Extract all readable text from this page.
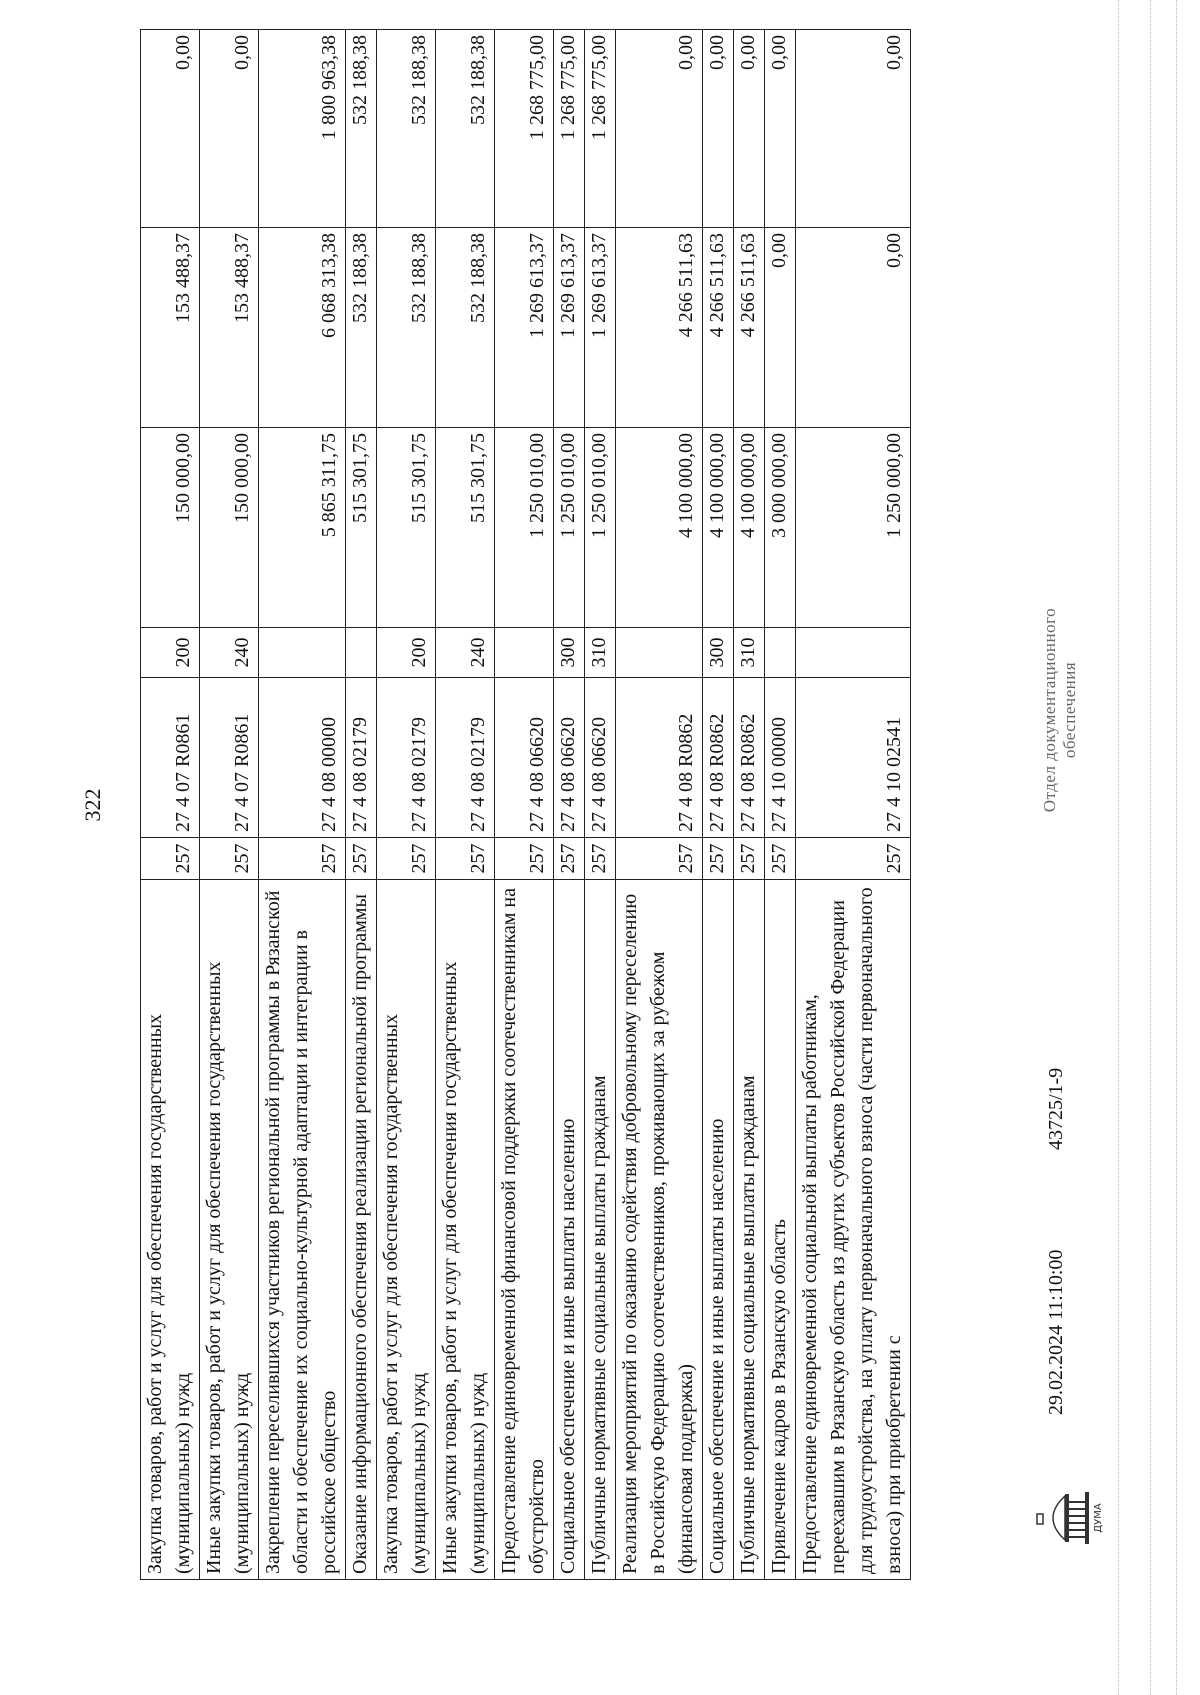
322
Закупка товаров, работ и услуг для обеспечения государственных (муниципальных) нужд	257	27 4 07 R0861	200	150 000,00	153 488,37	0,00
Иные закупки товаров, работ и услуг для обеспечения государственных (муниципальных) нужд	257	27 4 07 R0861	240	150 000,00	153 488,37	0,00
Закрепление переселившихся участников региональной программы в Рязанской области и обеспечение их социально-культурной адаптации и интеграции в российское общество	257	27 4 08 00000		5 865 311,75	6 068 313,38	1 800 963,38
Оказание информационного обеспечения реализации региональной программы	257	27 4 08 02179		515 301,75	532 188,38	532 188,38
Закупка товаров, работ и услуг для обеспечения государственных (муниципальных) нужд	257	27 4 08 02179	200	515 301,75	532 188,38	532 188,38
Иные закупки товаров, работ и услуг для обеспечения государственных (муниципальных) нужд	257	27 4 08 02179	240	515 301,75	532 188,38	532 188,38
Предоставление единовременной финансовой поддержки соотечественникам на обустройство	257	27 4 08 06620		1 250 010,00	1 269 613,37	1 268 775,00
Социальное обеспечение и иные выплаты населению	257	27 4 08 06620	300	1 250 010,00	1 269 613,37	1 268 775,00
Публичные нормативные социальные выплаты гражданам	257	27 4 08 06620	310	1 250 010,00	1 269 613,37	1 268 775,00
Реализация мероприятий по оказанию содействия добровольному переселению в Российскую Федерацию соотечественников, проживающих за рубежом (финансовая поддержка)	257	27 4 08 R0862		4 100 000,00	4 266 511,63	0,00
Социальное обеспечение и иные выплаты населению	257	27 4 08 R0862	300	4 100 000,00	4 266 511,63	0,00
Публичные нормативные социальные выплаты гражданам	257	27 4 08 R0862	310	4 100 000,00	4 266 511,63	0,00
Привлечение кадров в Рязанскую область	257	27 4 10 00000		3 000 000,00	0,00	0,00
Предоставление единовременной социальной выплаты работникам, переехавшим в Рязанскую область из других субъектов Российской Федерации для трудоустройства, на уплату первоначального взноса (части первоначального взноса) при приобретении с	257	27 4 10 02541		1 250 000,00	0,00	0,00
ДУМА
29.02.2024 11:10:00
43725/1-9
Отдел документационного обеспечения
